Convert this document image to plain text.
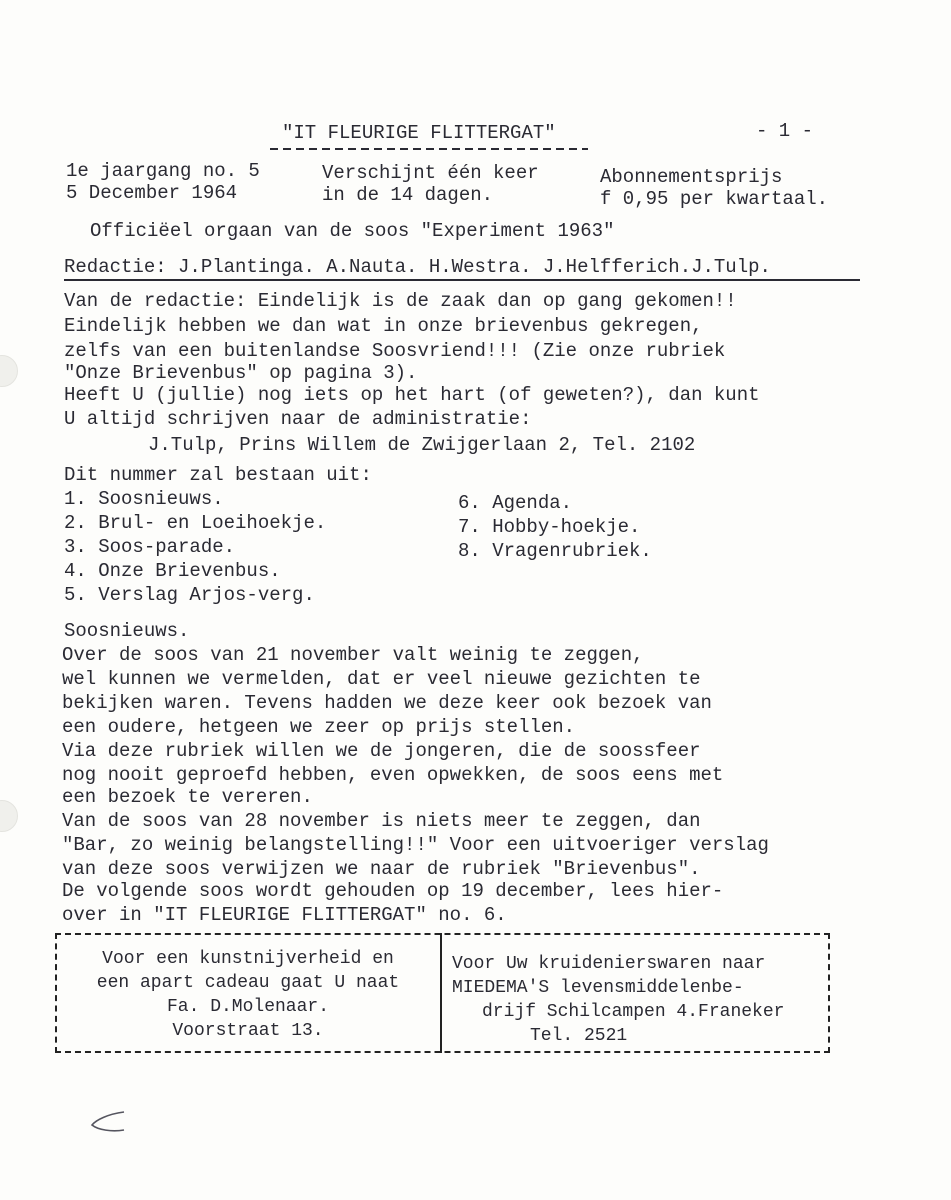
"IT FLEURIGE FLITTERGAT"	- 1 -
1e jaargang no. 5
5 December 1964
Verschijnt één keer
in de 14 dagen.
Abonnementsprijs
f 0,95 per kwartaal.
Officiëel orgaan van de soos "Experiment 1963"
Redactie: J.Plantinga. A.Nauta. H.Westra. J.Helfferich.J.Tulp.
Van de redactie: Eindelijk is de zaak dan op gang gekomen!!
Eindelijk hebben we dan wat in onze brievenbus gekregen,
zelfs van een buitenlandse Soosvriend!!! (Zie onze rubriek
"Onze Brievenbus" op pagina 3).
Heeft U (jullie) nog iets op het hart (of geweten?), dan kunt
U altijd schrijven naar de administratie:
J.Tulp, Prins Willem de Zwijgerlaan 2, Tel. 2102
Dit nummer zal bestaan uit:
1. Soosnieuws.
2. Brul- en Loeihoekje.
3. Soos-parade.
4. Onze Brievenbus.
5. Verslag Arjos-verg.
6. Agenda.
7. Hobby-hoekje.
8. Vragenrubriek.
Soosnieuws.
Over de soos van 21 november valt weinig te zeggen,
wel kunnen we vermelden, dat er veel nieuwe gezichten te
bekijken waren. Tevens hadden we deze keer ook bezoek van
een oudere, hetgeen we zeer op prijs stellen.
Via deze rubriek willen we de jongeren, die de soossfeer
nog nooit geproefd hebben, even opwekken, de soos eens met
een bezoek te vereren.
Van de soos van 28 november is niets meer te zeggen, dan
"Bar, zo weinig belangstelling!!" Voor een uitvoeriger verslag
van deze soos verwijzen we naar de rubriek "Brievenbus".
De volgende soos wordt gehouden op 19 december, lees hier-
over in "IT FLEURIGE FLITTERGAT" no. 6.
Voor een kunstnijverheid en
een apart cadeau gaat U naat
Fa. D.Molenaar.
Voorstraat 13.
Voor Uw kruidenierswaren naar
MIEDEMA'S levensmiddelenbe-
drijf Schilcampen 4.Franeker
Tel. 2521
